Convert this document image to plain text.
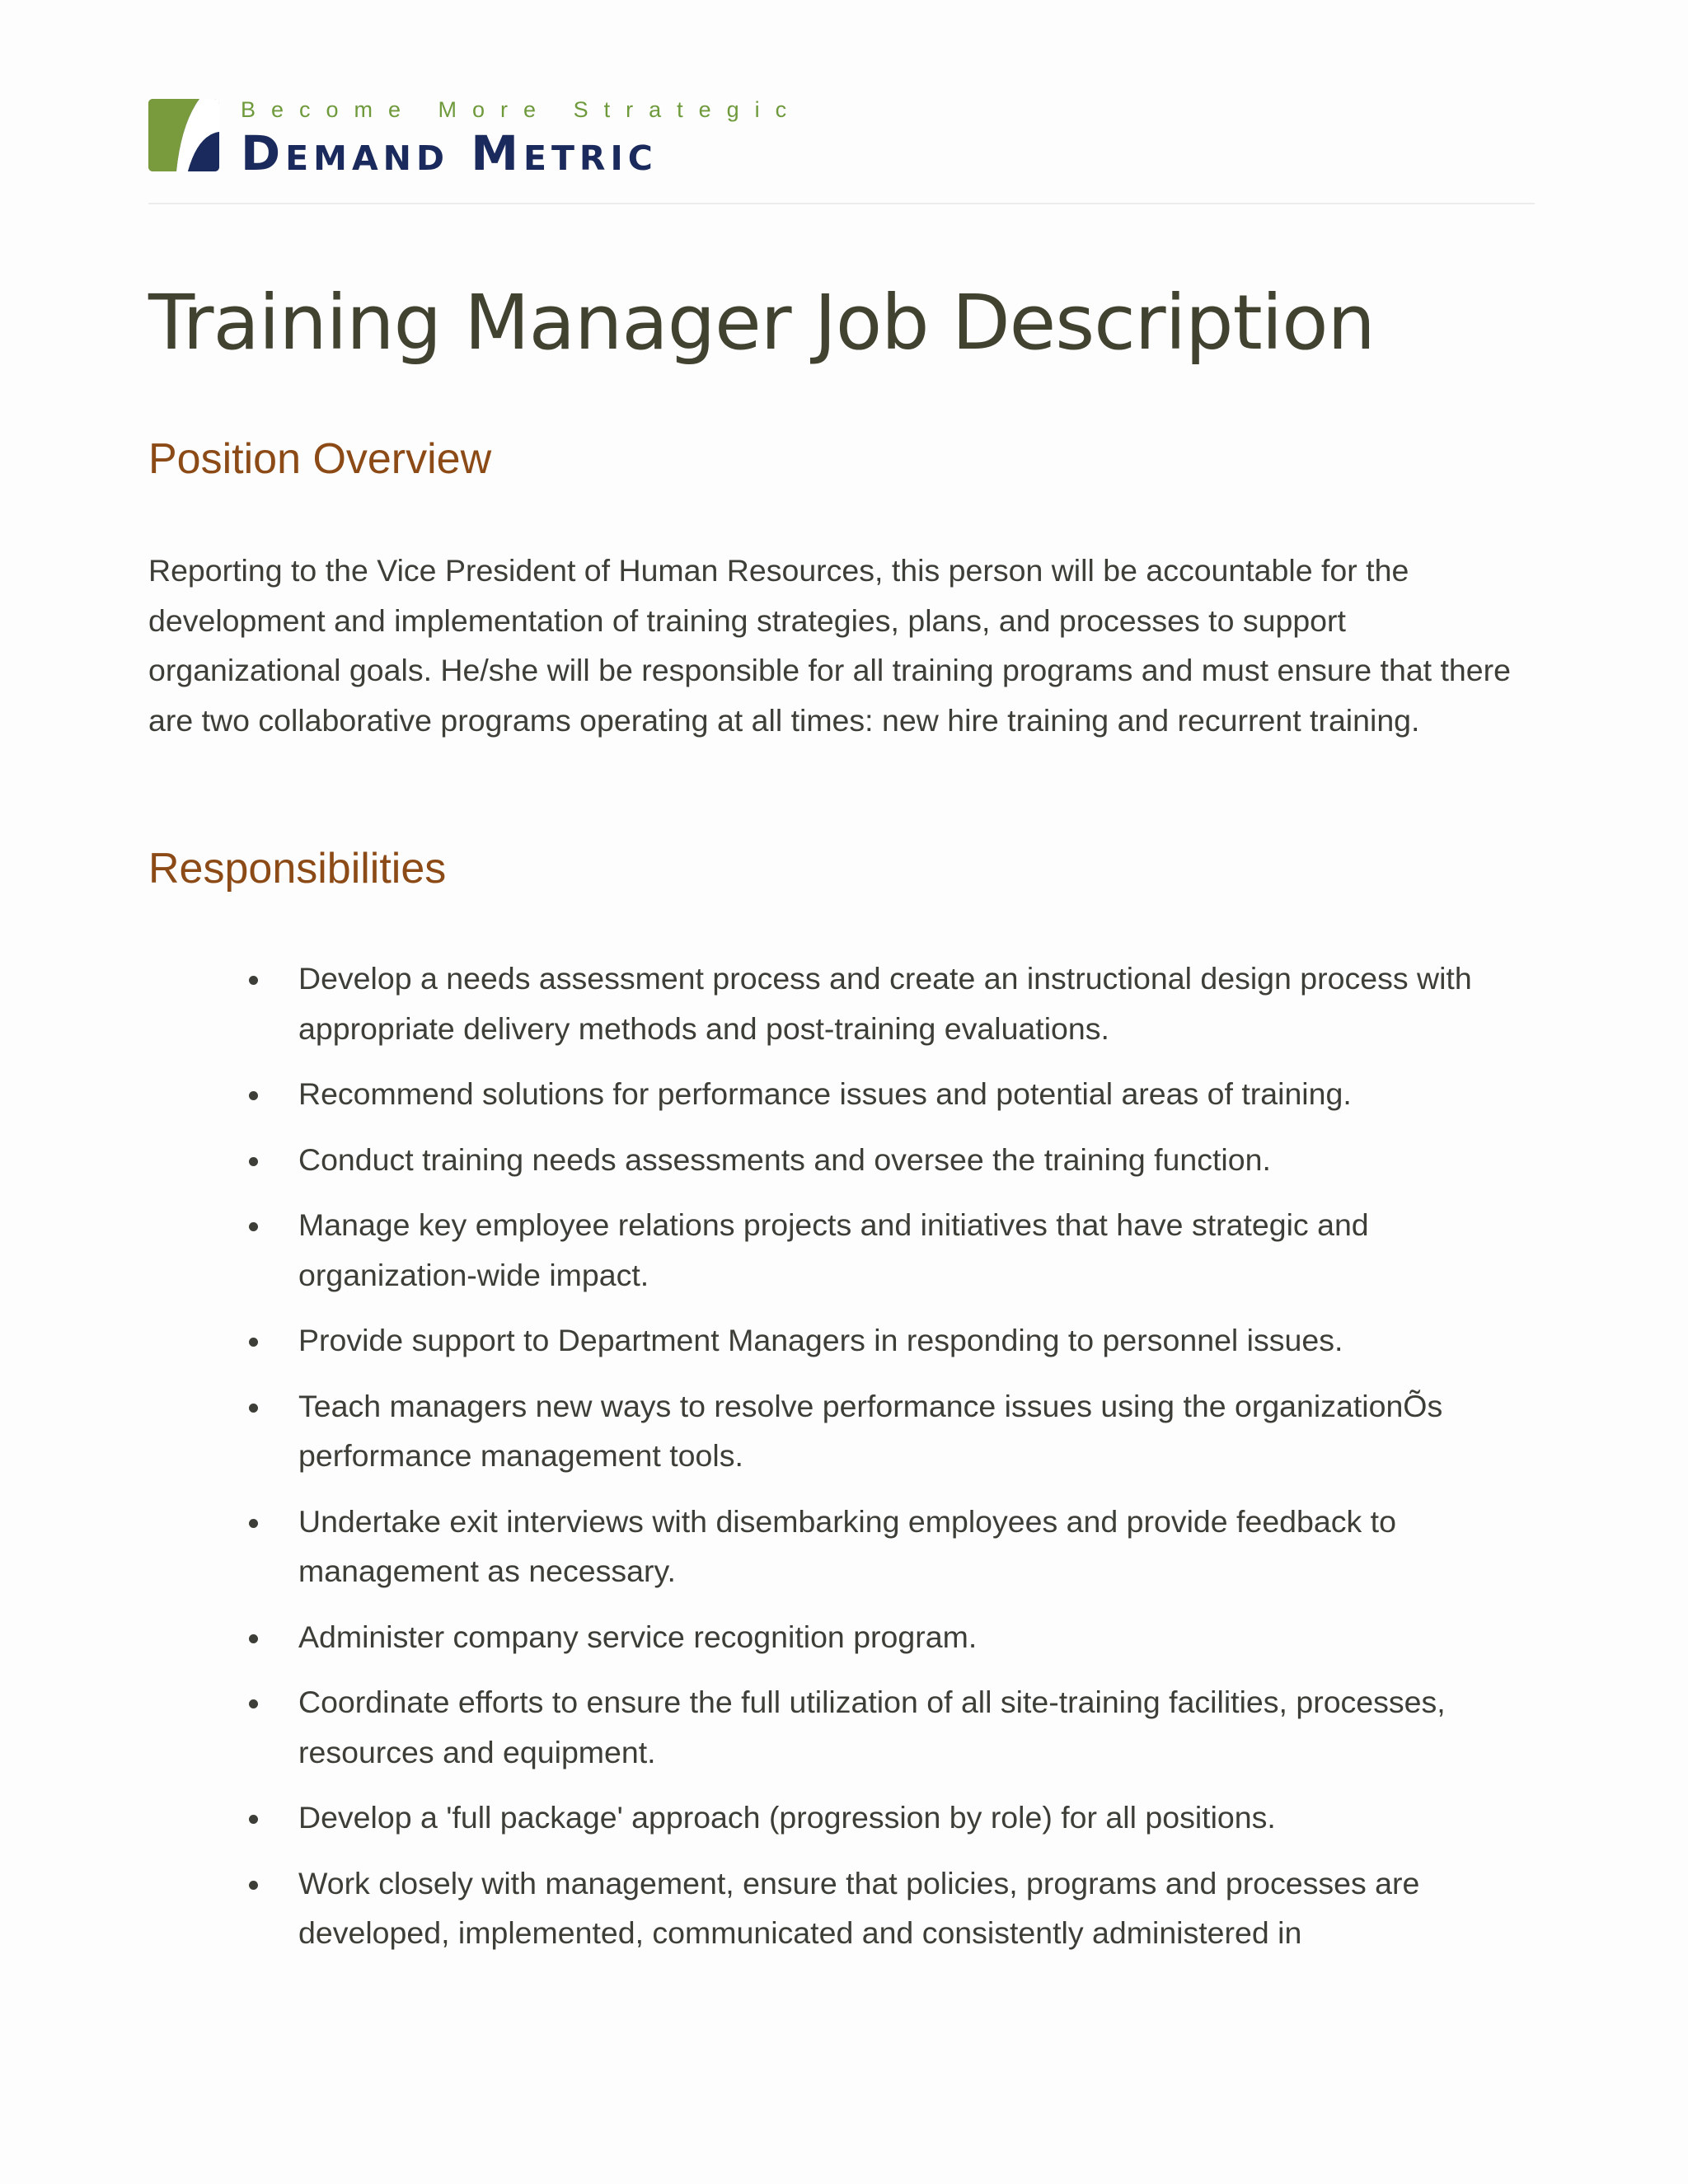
Become More Strategic
Demand Metric
Training Manager Job Description
Position Overview

Reporting to the Vice President of Human Resources, this person will be accountable for the development and implementation of training strategies, plans, and processes to support organizational goals. He/she will be responsible for all training programs and must ensure that there are two collaborative programs operating at all times: new hire training and recurrent training.

Responsibilities
Develop a needs assessment process and create an instructional design process with appropriate delivery methods and post-training evaluations.
Recommend solutions for performance issues and potential areas of training.
Conduct training needs assessments and oversee the training function.
Manage key employee relations projects and initiatives that have strategic and organization-wide impact.
Provide support to Department Managers in responding to personnel issues.
Teach managers new ways to resolve performance issues using the organizationÕs performance management tools.
Undertake exit interviews with disembarking employees and provide feedback to management as necessary.
Administer company service recognition program.
Coordinate efforts to ensure the full utilization of all site-training facilities, processes, resources and equipment.
Develop a 'full package' approach (progression by role) for all positions.
Work closely with management, ensure that policies, programs and processes are developed, implemented, communicated and consistently administered in
